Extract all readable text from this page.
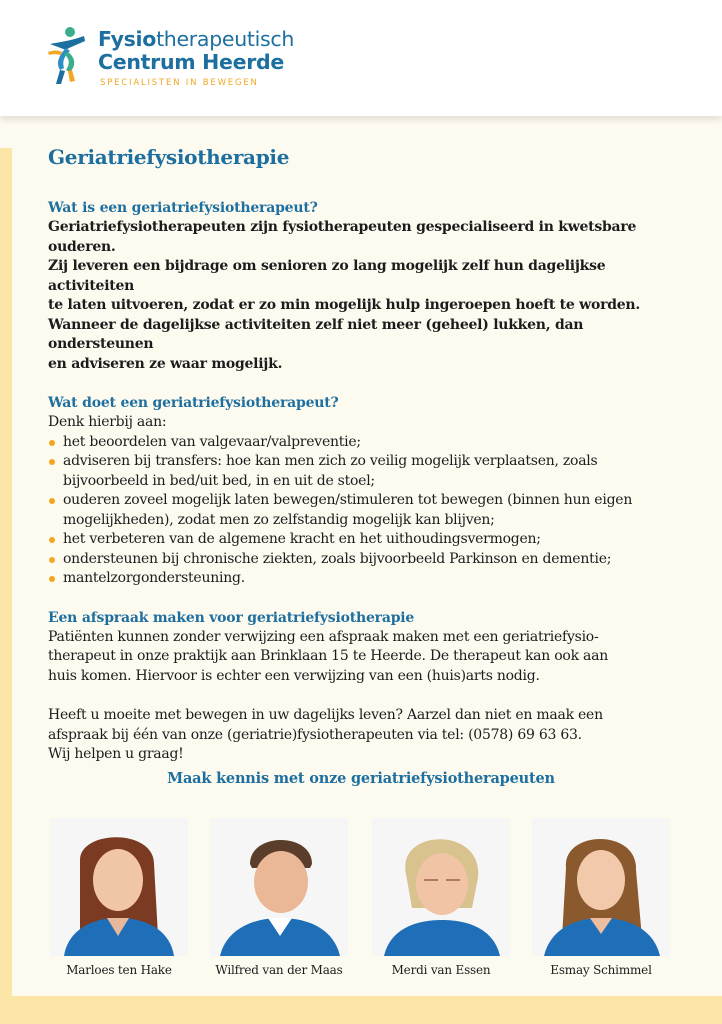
Fysiotherapeutisch
Centrum Heerde
SPECIALISTEN IN BEWEGEN
Geriatriefysiotherapie
Wat is een geriatriefysiotherapeut?

Geriatriefysiotherapeuten zijn fysiotherapeuten gespecialiseerd in kwetsbare

ouderen.

Zij leveren een bijdrage om senioren zo lang mogelijk zelf hun dagelijkse activiteiten

te laten uitvoeren, zodat er zo min mogelijk hulp ingeroepen hoeft te worden.

Wanneer de dagelijkse activiteiten zelf niet meer (geheel) lukken, dan ondersteunen

en adviseren ze waar mogelijk.

Wat doet een geriatriefysiotherapeut?

Denk hierbij aan:

het beoordelen van valgevaar/valpreventie;
adviseren bij transfers: hoe kan men zich zo veilig mogelijk verplaatsen, zoals
bijvoorbeeld in bed/uit bed, in en uit de stoel;
ouderen zoveel mogelijk laten bewegen/stimuleren tot bewegen (binnen hun eigen
mogelijkheden), zodat men zo zelfstandig mogelijk kan blijven;
het verbeteren van de algemene kracht en het uithoudingsvermogen;
ondersteunen bij chronische ziekten, zoals bijvoorbeeld Parkinson en dementie;
mantelzorgondersteuning.
Een afspraak maken voor geriatriefysiotherapie

Patiënten kunnen zonder verwijzing een afspraak maken met een geriatriefysio-

therapeut in onze praktijk aan Brinklaan 15 te Heerde. De therapeut kan ook aan

huis komen. Hiervoor is echter een verwijzing van een (huis)arts nodig.

Heeft u moeite met bewegen in uw dagelijks leven? Aarzel dan niet en maak een

afspraak bij één van onze (geriatrie)fysiotherapeuten via tel: (0578) 69 63 63.

Wij helpen u graag!

Maak kennis met onze geriatriefysiotherapeuten
Marloes ten Hake	Wilfred van der Maas	Merdi van Essen	Esmay Schimmel
